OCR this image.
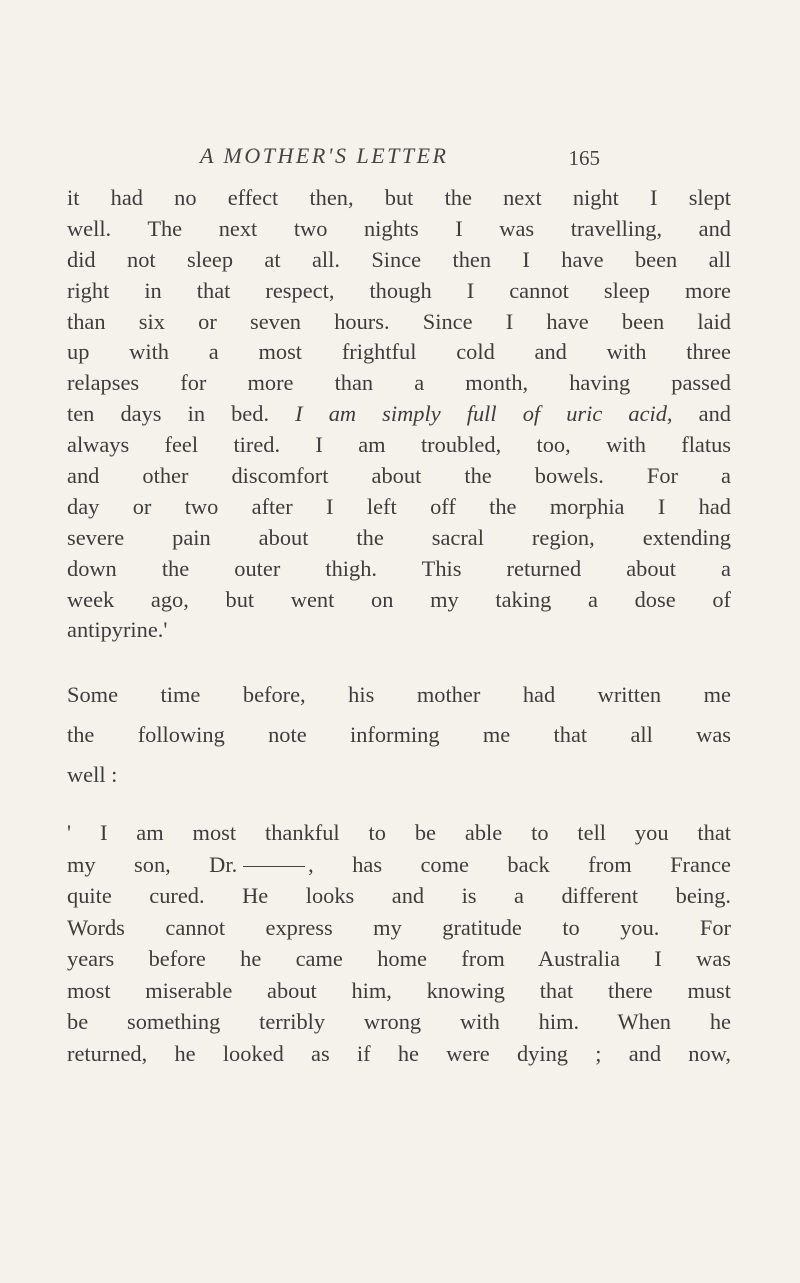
A MOTHER'S LETTER	165
it had no effect then, but the next night I slept
well. The next two nights I was travelling, and
did not sleep at all. Since then I have been all
right in that respect, though I cannot sleep more
than six or seven hours. Since I have been laid
up with a most frightful cold and with three
relapses for more than a month, having passed
ten days in bed. I am simply full of uric acid, and
always feel tired. I am troubled, too, with flatus
and other discomfort about the bowels. For a
day or two after I left off the morphia I had
severe pain about the sacral region, extending
down the outer thigh. This returned about a
week ago, but went on my taking a dose of
antipyrine.'
Some time before, his mother had written me
the following note informing me that all was
well :
' I am most thankful to be able to tell you that
my son, Dr.	, has come back from France
quite cured. He looks and is a different being.
Words cannot express my gratitude to you. For
years before he came home from Australia I was
most miserable about him, knowing that there must
be something terribly wrong with him. When he
returned, he looked as if he were dying ; and now,
